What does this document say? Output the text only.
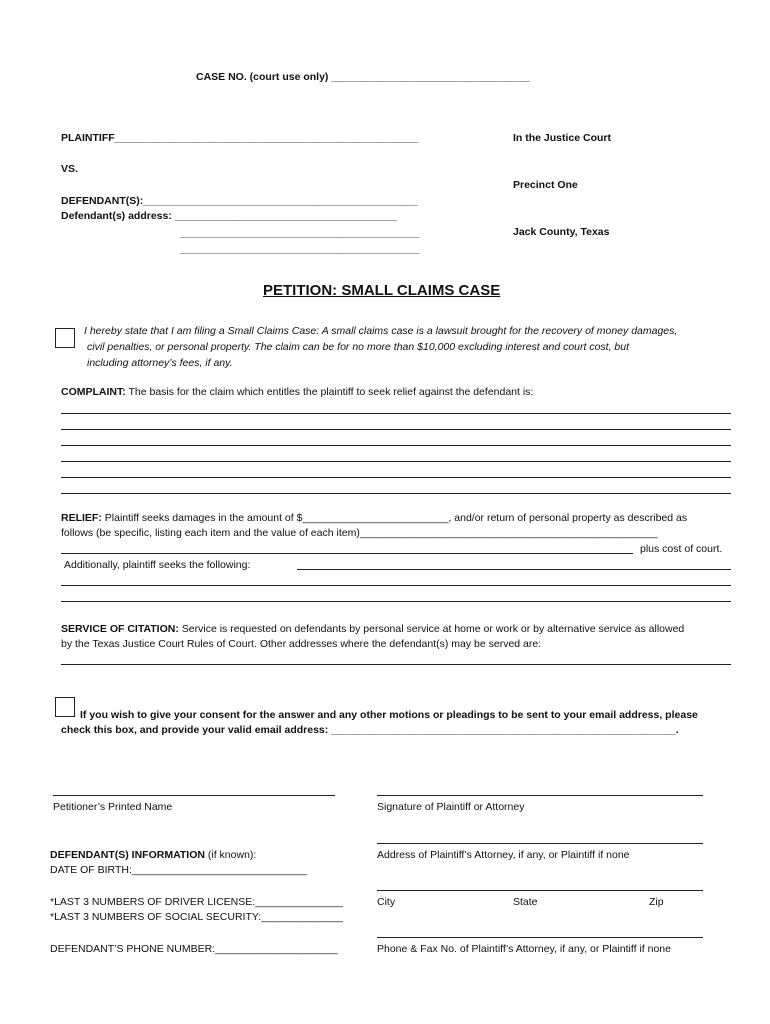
CASE NO. (court use only) __________________________________
PLAINTIFF____________________________________________________
VS.
DEFENDANT(S):_______________________________________________
Defendant(s) address: ______________________________________
_________________________________________
_________________________________________
In the Justice Court
Precinct One
Jack County, Texas
PETITION: SMALL CLAIMS CASE
I hereby state that I am filing a Small Claims Case: A small claims case is a lawsuit brought for the recovery of money damages,
civil penalties, or personal property. The claim can be for no more than $10,000 excluding interest and court cost, but
including attorney’s fees, if any.
COMPLAINT: The basis for the claim which entitles the plaintiff to seek relief against the defendant is:
RELIEF: Plaintiff seeks damages in the amount of $_________________________, and/or return of personal property as described as
follows (be specific, listing each item and the value of each item)___________________________________________________
plus cost of court.
Additionally, plaintiff seeks the following:
SERVICE OF CITATION: Service is requested on defendants by personal service at home or work or by alternative service as allowed
by the Texas Justice Court Rules of Court. Other addresses where the defendant(s) may be served are:
If you wish to give your consent for the answer and any other motions or pleadings to be sent to your email address, please
check this box, and provide your valid email address: ___________________________________________________________.
Petitioner’s Printed Name	Signature of Plaintiff or Attorney
Address of Plaintiff’s Attorney, if any, or Plaintiff if none
City	State	Zip
Phone & Fax No. of Plaintiff’s Attorney, if any, or Plaintiff if none
DEFENDANT(S) INFORMATION (if known):
DATE OF BIRTH:______________________________
*LAST 3 NUMBERS OF DRIVER LICENSE:_______________
*LAST 3 NUMBERS OF SOCIAL SECURITY:______________
DEFENDANT’S PHONE NUMBER:_____________________
